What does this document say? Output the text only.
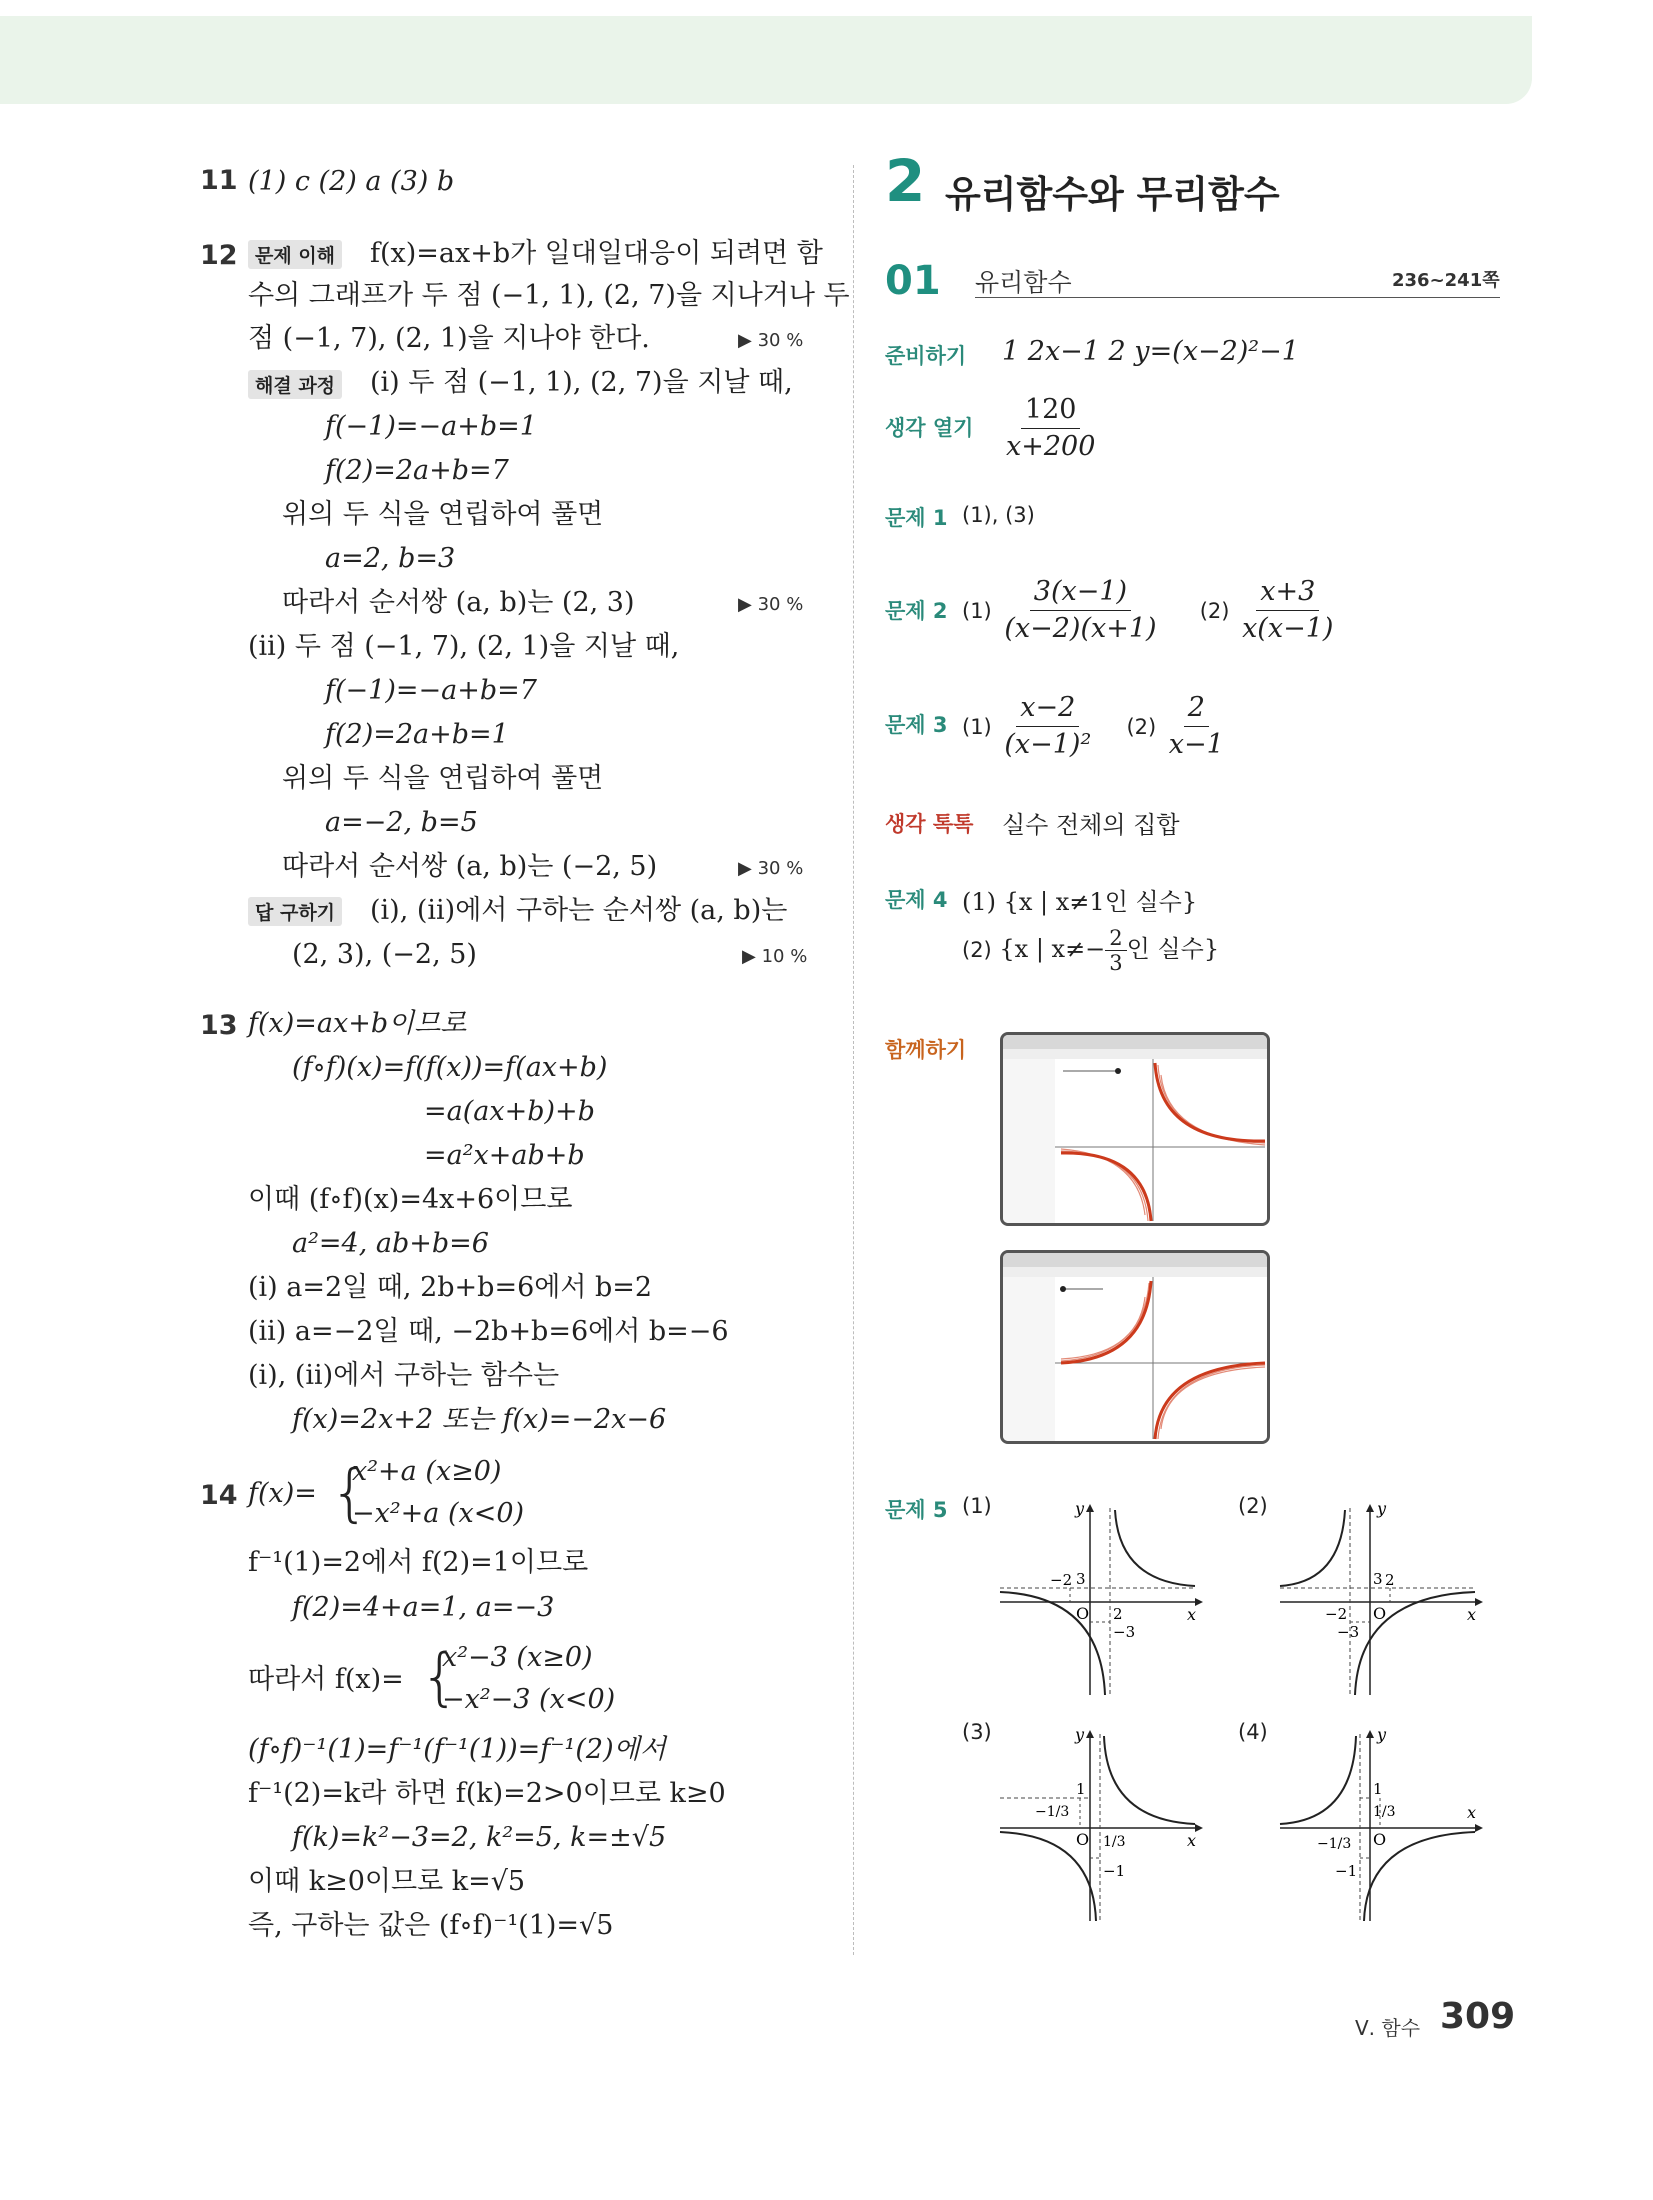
11 (1) c (2) a (3) b
12 문제 이해 f(x)=ax+b가 일대일대응이 되려면 함
수의 그래프가 두 점 (−1, 1), (2, 7)을 지나거나 두
점 (−1, 7), (2, 1)을 지나야 한다.	▶ 30 %
해결 과정 (ⅰ) 두 점 (−1, 1), (2, 7)을 지날 때,
f(−1)=−a+b=1
f(2)=2a+b=7
위의 두 식을 연립하여 풀면
a=2, b=3
따라서 순서쌍 (a, b)는 (2, 3)	▶ 30 %
(ⅱ) 두 점 (−1, 7), (2, 1)을 지날 때,
f(−1)=−a+b=7
f(2)=2a+b=1
위의 두 식을 연립하여 풀면
a=−2, b=5
따라서 순서쌍 (a, b)는 (−2, 5)	▶ 30 %
답 구하기 (ⅰ), (ⅱ)에서 구하는 순서쌍 (a, b)는
(2, 3), (−2, 5)	▶ 10 %
13 f(x)=ax+b이므로
(f∘f)(x)=f(f(x))=f(ax+b)
=a(ax+b)+b
=a²x+ab+b
이때 (f∘f)(x)=4x+6이므로
a²=4, ab+b=6
(ⅰ) a=2일 때, 2b+b=6에서 b=2
(ⅱ) a=−2일 때, −2b+b=6에서 b=−6
(ⅰ), (ⅱ)에서 구하는 함수는
f(x)=2x+2 또는 f(x)=−2x−6
14 f(x)= {
x²+a (x≥0)
−x²+a (x<0)
f⁻¹(1)=2에서 f(2)=1이므로
f(2)=4+a=1, a=−3
따라서 f(x)= {
x²−3 (x≥0)
−x²−3 (x<0)
(f∘f)⁻¹(1)=f⁻¹(f⁻¹(1))=f⁻¹(2)에서
f⁻¹(2)=k라 하면 f(k)=2>0이므로 k≥0
f(k)=k²−3=2, k²=5, k=±√5
이때 k≥0이므로 k=√5
즉, 구하는 값은 (f∘f)⁻¹(1)=√5
2 유리함수와 무리함수
01 유리함수	236~241쪽
준비하기 1 2x−1 2 y=(x−2)²−1
생각 열기 $\frac{120}{x+200}$
문제 1 (1), (3)
문제 2 $(1) \frac{3(x-1)}{(x-2)(x+1)} (2) \frac{x+3}{x(x-1)}$
문제 3 $(1) \frac{x-2}{\text{(x−1)²}} (2) \frac{2}{x-1}$
생각 톡톡 실수 전체의 집합
문제 4 (1) {x | x≠1인 실수}
(2) {x | $x\ne- \frac{2}{3}$ 인 실수}
함께하기
문제 5 (1)	y
x
O
3
−2
2
−3
(2)	y
x
O
3 2
−2
−3
(3)	y
x
O
1
−1/3
1/3
−1
(4)	y
x
O
1
1/3
−1/3
−1
Ⅴ. 함수 309
